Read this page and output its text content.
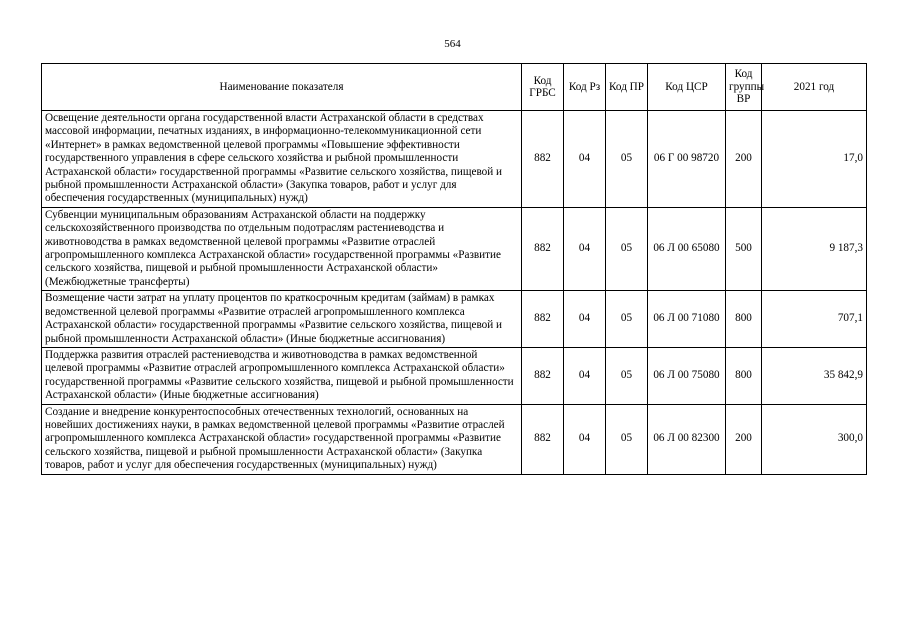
564
Наименование показателя	Код ГРБС	Код Рз	Код ПР	Код ЦСР	Код группы ВР	2021 год
Освещение деятельности органа государственной власти Астраханской области в средствах массовой информации, печатных изданиях, в информационно-телекоммуникационной сети «Интернет» в рамках ведомственной целевой программы «Повышение эффективности государственного управления в сфере сельского хозяйства и рыбной промышленности Астраханской области» государственной программы «Развитие сельского хозяйства, пищевой и рыбной промышленности Астраханской области» (Закупка товаров, работ и услуг для обеспечения государственных (муниципальных) нужд)	882	04	05	06 Г 00 98720	200	17,0
Субвенции муниципальным образованиям Астраханской области на поддержку сельскохозяйственного производства по отдельным подотраслям растениеводства и животноводства в рамках ведомственной целевой программы «Развитие отраслей агропромышленного комплекса Астраханской области» государственной программы «Развитие сельского хозяйства, пищевой и рыбной промышленности Астраханской области» (Межбюджетные трансферты)	882	04	05	06 Л 00 65080	500	9 187,3
Возмещение части затрат на уплату процентов по краткосрочным кредитам (займам) в рамках ведомственной целевой программы «Развитие отраслей агропромышленного комплекса Астраханской области» государственной программы «Развитие сельского хозяйства, пищевой и рыбной промышленности Астраханской области» (Иные бюджетные ассигнования)	882	04	05	06 Л 00 71080	800	707,1
Поддержка развития отраслей растениеводства и животноводства в рамках ведомственной целевой программы «Развитие отраслей агропромышленного комплекса Астраханской области» государственной программы «Развитие сельского хозяйства, пищевой и рыбной промышленности Астраханской области» (Иные бюджетные ассигнования)	882	04	05	06 Л 00 75080	800	35 842,9
Создание и внедрение конкурентоспособных отечественных технологий, основанных на новейших достижениях науки, в рамках ведомственной целевой программы «Развитие отраслей агропромышленного комплекса Астраханской области» государственной программы «Развитие сельского хозяйства, пищевой и рыбной промышленности Астраханской области» (Закупка товаров, работ и услуг для обеспечения государственных (муниципальных) нужд)	882	04	05	06 Л 00 82300	200	300,0
